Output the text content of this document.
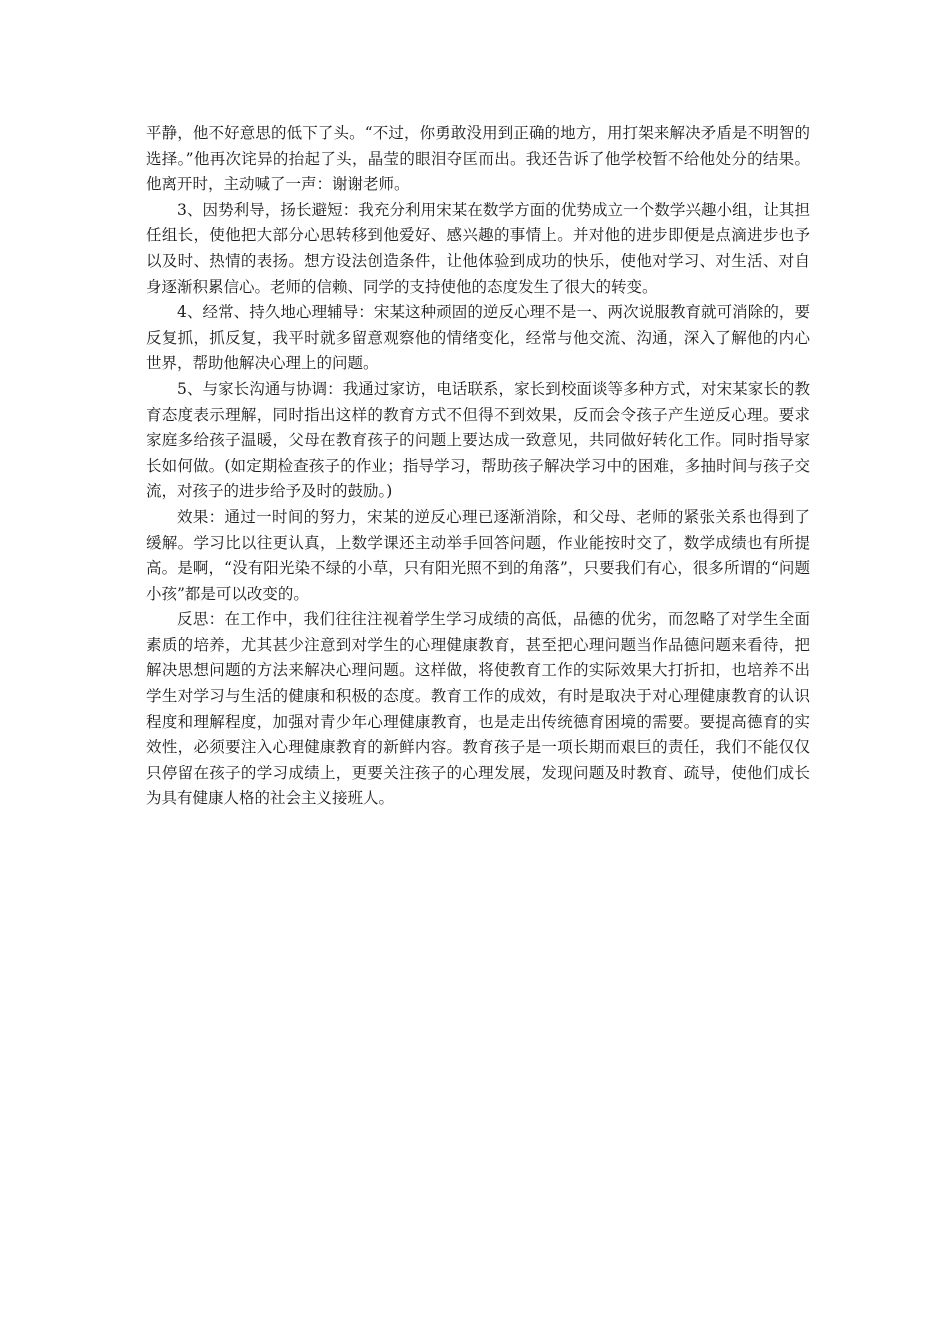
平静，他不好意思的低下了头。“不过，你勇敢没用到正确的地方，用打架来解决矛盾是不明智的选择。”他再次诧异的抬起了头，晶莹的眼泪夺匡而出。我还告诉了他学校暂不给他处分的结果。他离开时，主动喊了一声：谢谢老师。

3、因势利导，扬长避短：我充分利用宋某在数学方面的优势成立一个数学兴趣小组，让其担任组长，使他把大部分心思转移到他爱好、感兴趣的事情上。并对他的进步即便是点滴进步也予以及时、热情的表扬。想方设法创造条件，让他体验到成功的快乐，使他对学习、对生活、对自身逐渐积累信心。老师的信赖、同学的支持使他的态度发生了很大的转变。

4、经常、持久地心理辅导：宋某这种顽固的逆反心理不是一、两次说服教育就可消除的，要反复抓，抓反复，我平时就多留意观察他的情绪变化，经常与他交流、沟通，深入了解他的内心世界，帮助他解决心理上的问题。

5、与家长沟通与协调：我通过家访，电话联系，家长到校面谈等多种方式，对宋某家长的教育态度表示理解，同时指出这样的教育方式不但得不到效果，反而会令孩子产生逆反心理。要求家庭多给孩子温暖，父母在教育孩子的问题上要达成一致意见，共同做好转化工作。同时指导家长如何做。(如定期检查孩子的作业；指导学习，帮助孩子解决学习中的困难，多抽时间与孩子交流，对孩子的进步给予及时的鼓励。)

效果：通过一时间的努力，宋某的逆反心理已逐渐消除，和父母、老师的紧张关系也得到了缓解。学习比以往更认真，上数学课还主动举手回答问题，作业能按时交了，数学成绩也有所提高。是啊，“没有阳光染不绿的小草，只有阳光照不到的角落”，只要我们有心，很多所谓的“问题小孩”都是可以改变的。

反思：在工作中，我们往往注视着学生学习成绩的高低，品德的优劣，而忽略了对学生全面素质的培养，尤其甚少注意到对学生的心理健康教育，甚至把心理问题当作品德问题来看待，把解决思想问题的方法来解决心理问题。这样做，将使教育工作的实际效果大打折扣，也培养不出学生对学习与生活的健康和积极的态度。教育工作的成效，有时是取决于对心理健康教育的认识程度和理解程度，加强对青少年心理健康教育，也是走出传统德育困境的需要。要提高德育的实效性，必须要注入心理健康教育的新鲜内容。教育孩子是一项长期而艰巨的责任，我们不能仅仅只停留在孩子的学习成绩上，更要关注孩子的心理发展，发现问题及时教育、疏导，使他们成长为具有健康人格的社会主义接班人。
